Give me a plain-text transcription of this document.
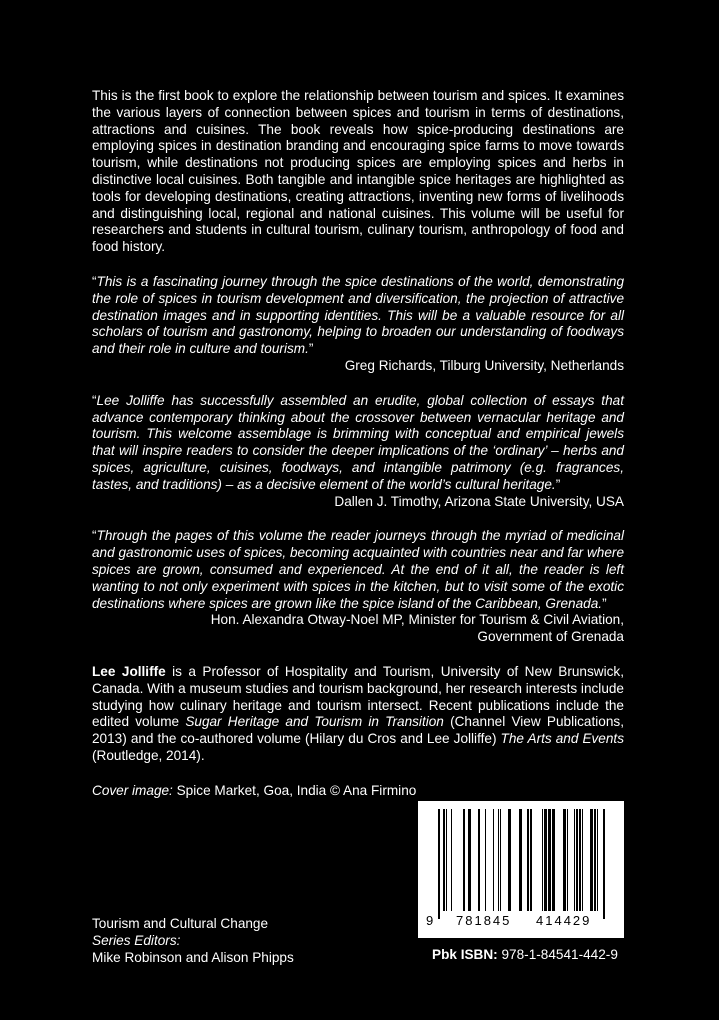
This is the first book to explore the relationship between tourism and spices. It examines the various layers of connection between spices and tourism in terms of destinations, attractions and cuisines. The book reveals how spice-producing destinations are employing spices in destination branding and encouraging spice farms to move towards tourism, while destinations not producing spices are employing spices and herbs in distinctive local cuisines. Both tangible and intangible spice heritages are highlighted as tools for developing destinations, creating attractions, inventing new forms of livelihoods and distinguishing local, regional and national cuisines. This volume will be useful for researchers and students in cultural tourism, culinary tourism, anthropology of food and food history.

“This is a fascinating journey through the spice destinations of the world, demonstrating the role of spices in tourism development and diversification, the projection of attractive destination images and in supporting identities. This will be a valuable resource for all scholars of tourism and gastronomy, helping to broaden our understanding of foodways and their role in culture and tourism.”

Greg Richards, Tilburg University, Netherlands

“Lee Jolliffe has successfully assembled an erudite, global collection of essays that advance contemporary thinking about the crossover between vernacular heritage and tourism. This welcome assemblage is brimming with conceptual and empirical jewels that will inspire readers to consider the deeper implications of the ‘ordinary’ – herbs and spices, agriculture, cuisines, foodways, and intangible patrimony (e.g. fragrances, tastes, and traditions) – as a decisive element of the world’s cultural heritage.”

Dallen J. Timothy, Arizona State University, USA

“Through the pages of this volume the reader journeys through the myriad of medicinal and gastronomic uses of spices, becoming acquainted with countries near and far where spices are grown, consumed and experienced. At the end of it all, the reader is left wanting to not only experiment with spices in the kitchen, but to visit some of the exotic destinations where spices are grown like the spice island of the Caribbean, Grenada.”

Hon. Alexandra Otway-Noel MP, Minister for Tourism & Civil Aviation,
Government of Grenada

Lee Jolliffe is a Professor of Hospitality and Tourism, University of New Brunswick, Canada. With a museum studies and tourism background, her research interests include studying how culinary heritage and tourism intersect. Recent publications include the edited volume Sugar Heritage and Tourism in Transition (Channel View Publications, 2013) and the co-authored volume (Hilary du Cros and Lee Jolliffe) The Arts and Events (Routledge, 2014).

Cover image: Spice Market, Goa, India © Ana Firmino

9 781845 414429
Tourism and Cultural Change
Series Editors:
Mike Robinson and Alison Phipps	Pbk ISBN: 978-1-84541-442-9
